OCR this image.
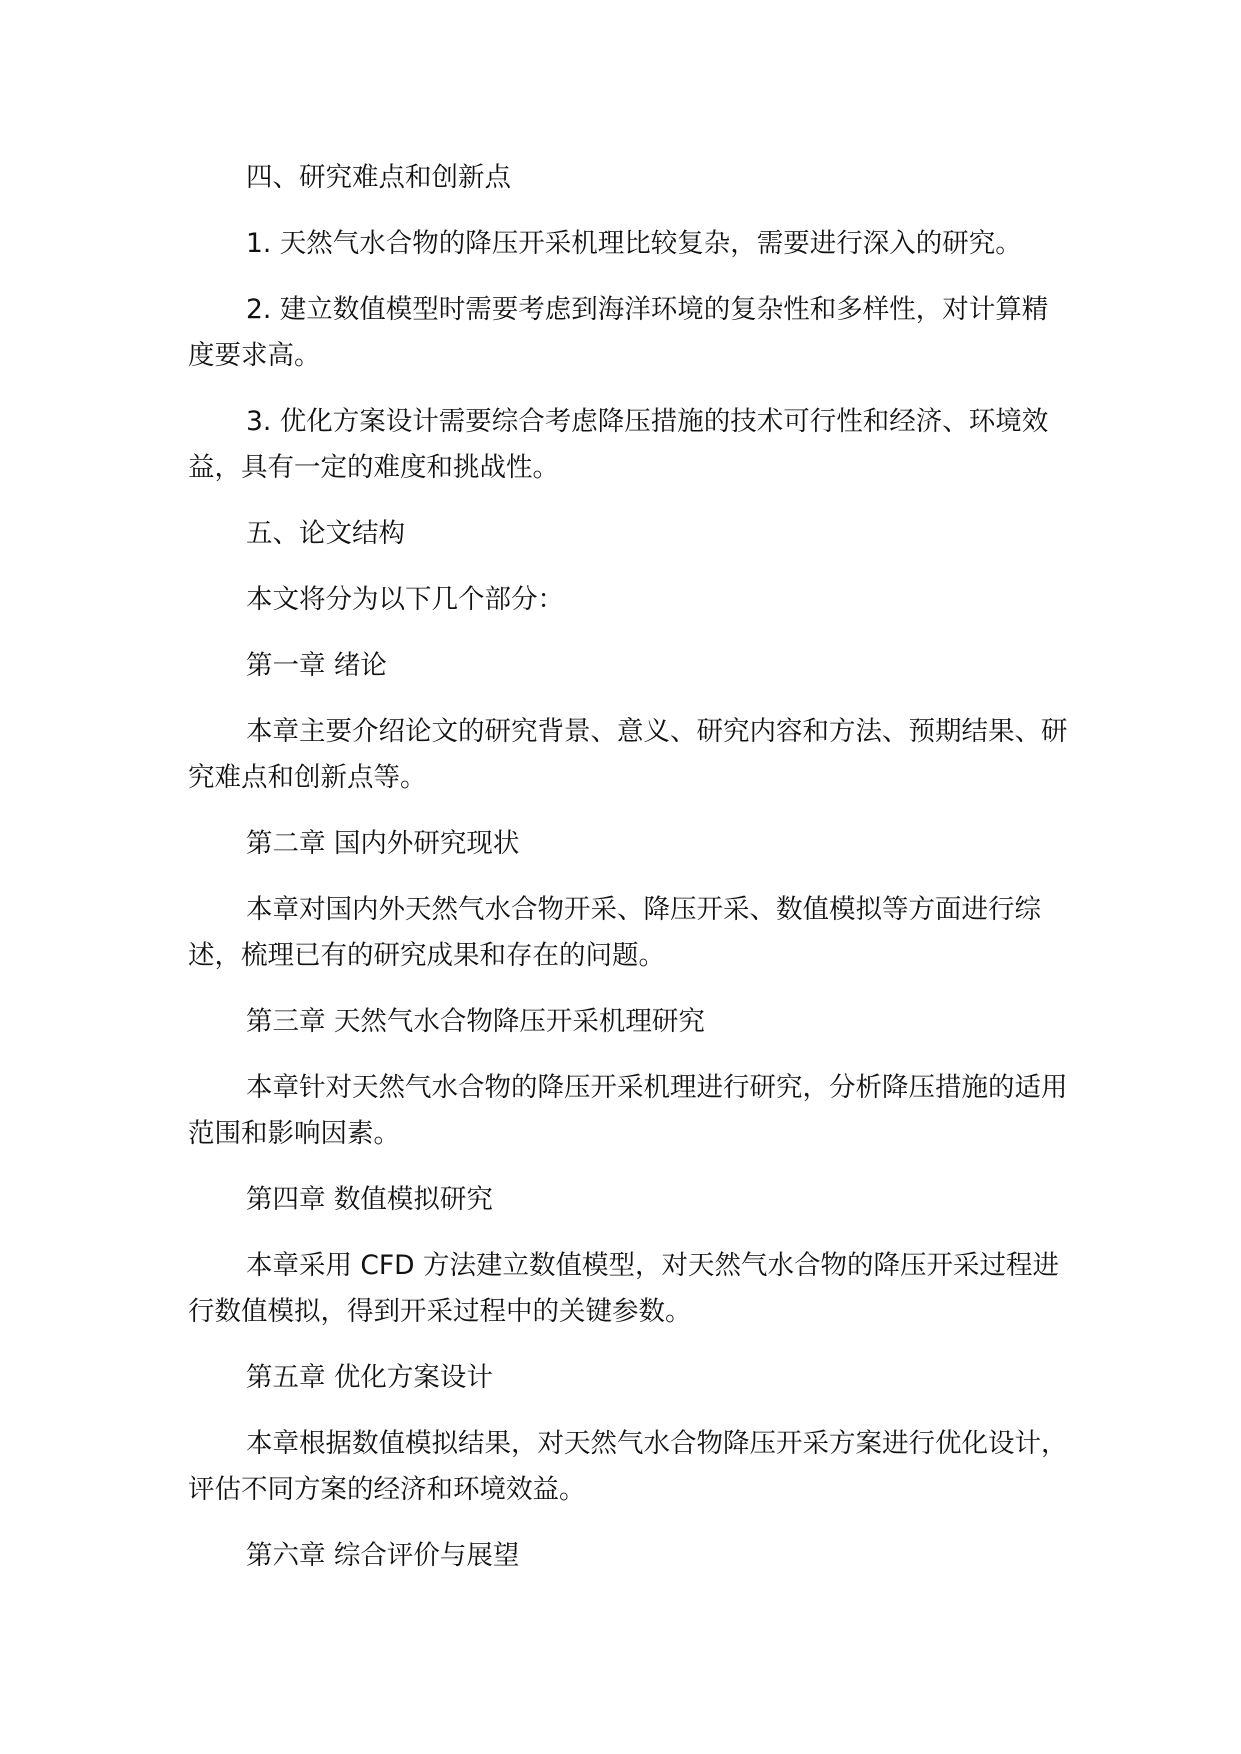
四、研究难点和创新点

1. 天然气水合物的降压开采机理比较复杂，需要进行深入的研究。

2. 建立数值模型时需要考虑到海洋环境的复杂性和多样性，对计算精度要求高。

3. 优化方案设计需要综合考虑降压措施的技术可行性和经济、环境效益，具有一定的难度和挑战性。

五、论文结构

本文将分为以下几个部分：

第一章 绪论

本章主要介绍论文的研究背景、意义、研究内容和方法、预期结果、研究难点和创新点等。

第二章 国内外研究现状

本章对国内外天然气水合物开采、降压开采、数值模拟等方面进行综述，梳理已有的研究成果和存在的问题。

第三章 天然气水合物降压开采机理研究

本章针对天然气水合物的降压开采机理进行研究，分析降压措施的适用范围和影响因素。

第四章 数值模拟研究

本章采用 CFD 方法建立数值模型，对天然气水合物的降压开采过程进行数值模拟，得到开采过程中的关键参数。

第五章 优化方案设计

本章根据数值模拟结果，对天然气水合物降压开采方案进行优化设计，评估不同方案的经济和环境效益。

第六章 综合评价与展望
